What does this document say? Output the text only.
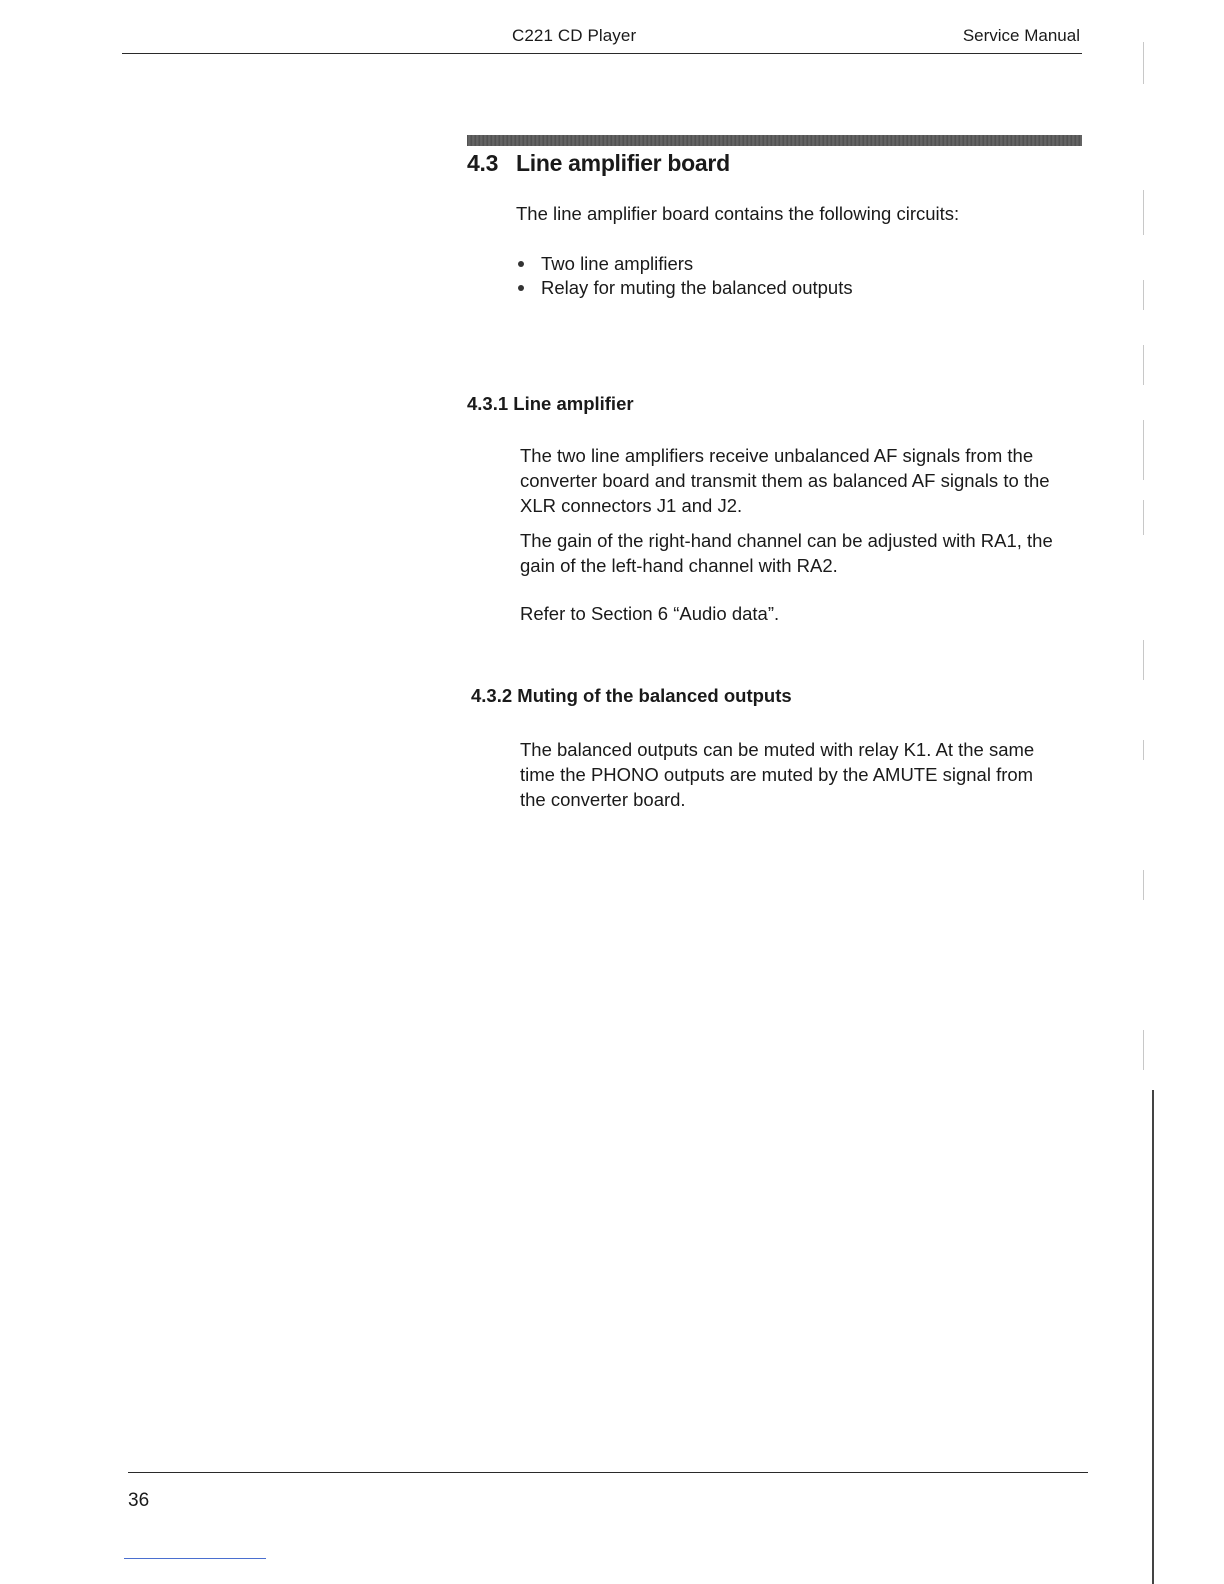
C221 CD Player	Service Manual
4.3 Line amplifier board
The line amplifier board contains the following circuits:
Two line amplifiers
Relay for muting the balanced outputs
4.3.1 Line amplifier
The two line amplifiers receive unbalanced AF signals from the
converter board and transmit them as balanced AF signals to the
XLR connectors J1 and J2.
The gain of the right-hand channel can be adjusted with RA1, the
gain of the left-hand channel with RA2.
Refer to Section 6 “Audio data”.
4.3.2 Muting of the balanced outputs
The balanced outputs can be muted with relay K1. At the same
time the PHONO outputs are muted by the AMUTE signal from
the converter board.
36
